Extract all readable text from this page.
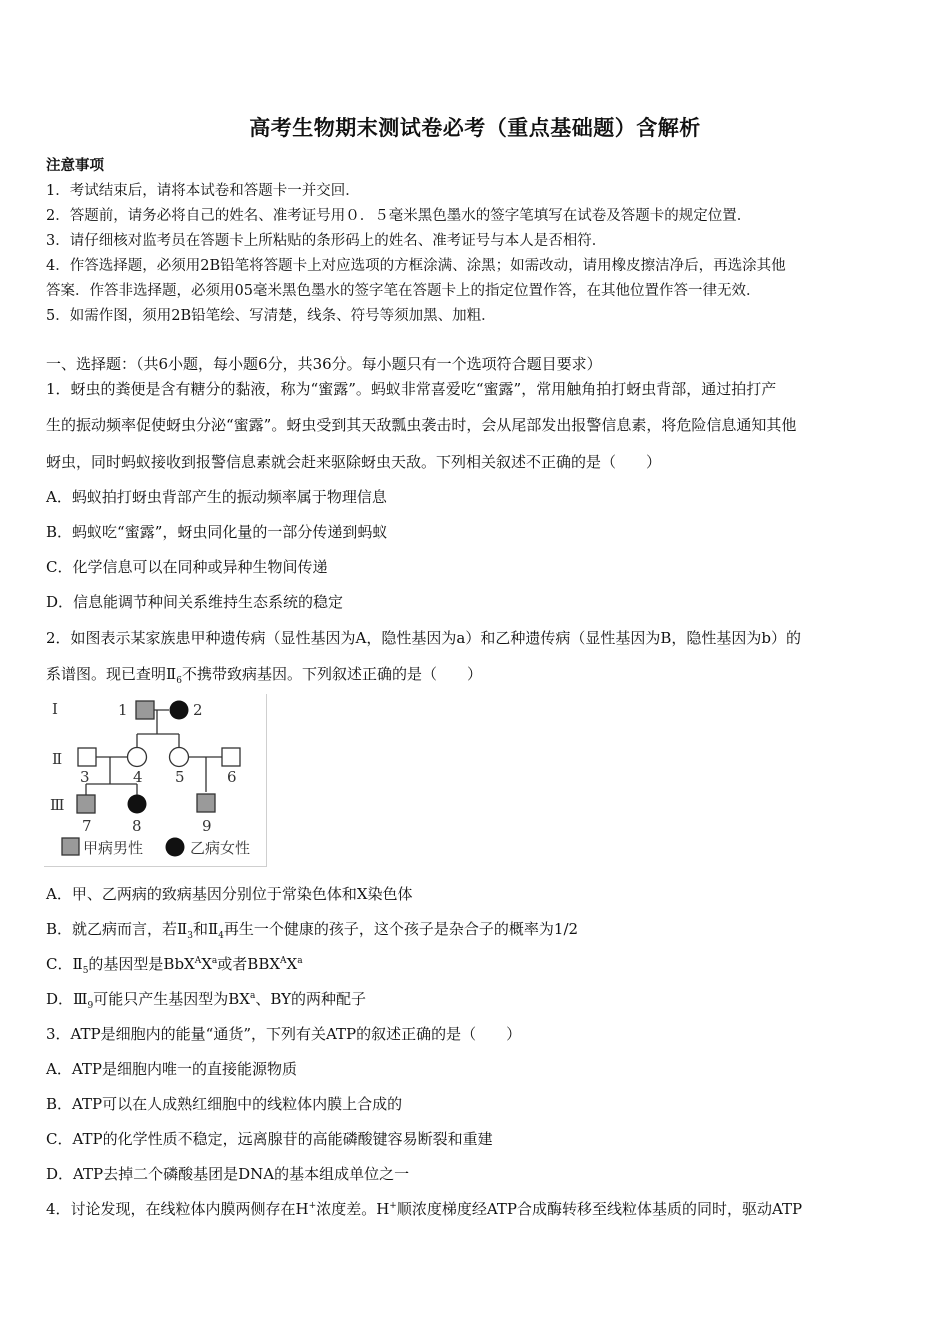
高考生物期末测试卷必考（重点基础题）含解析
注意事项
1．考试结束后，请将本试卷和答题卡一并交回．
2．答题前，请务必将自己的姓名、准考证号用０．５毫米黑色墨水的签字笔填写在试卷及答题卡的规定位置．
3．请仔细核对监考员在答题卡上所粘贴的条形码上的姓名、准考证号与本人是否相符．
4．作答选择题，必须用2B铅笔将答题卡上对应选项的方框涂满、涂黑；如需改动，请用橡皮擦洁净后，再选涂其他
答案．作答非选择题，必须用05毫米黑色墨水的签字笔在答题卡上的指定位置作答，在其他位置作答一律无效．
5．如需作图，须用2B铅笔绘、写清楚，线条、符号等须加黑、加粗．
一、选择题：（共6小题，每小题6分，共36分。每小题只有一个选项符合题目要求）
1．蚜虫的粪便是含有糖分的黏液，称为“蜜露”。蚂蚁非常喜爱吃“蜜露”，常用触角拍打蚜虫背部，通过拍打产
生的振动频率促使蚜虫分泌“蜜露”。蚜虫受到其天敌瓢虫袭击时，会从尾部发出报警信息素，将危险信息通知其他
蚜虫，同时蚂蚁接收到报警信息素就会赶来驱除蚜虫天敌。下列相关叙述不正确的是（　　）
A．蚂蚁拍打蚜虫背部产生的振动频率属于物理信息
B．蚂蚁吃“蜜露”，蚜虫同化量的一部分传递到蚂蚁
C．化学信息可以在同种或异种生物间传递
D．信息能调节种间关系维持生态系统的稳定
2．如图表示某家族患甲种遗传病（显性基因为A，隐性基因为a）和乙种遗传病（显性基因为B，隐性基因为b）的
系谱图。现已查明$Ⅱ_6$不携带致病基因。下列叙述正确的是（　　）
Ⅰ
Ⅱ
Ⅲ
1	2
3	4 5	6
7	8	9
甲病男性	乙病女性
A．甲、乙两病的致病基因分别位于常染色体和X染色体
B．就乙病而言，若$Ⅱ_3$和$Ⅱ_4$再生一个健康的孩子，这个孩子是杂合子的概率为1/2
C．$Ⅱ_5$的基因型是$BbX^AX^a$或者$BBX^AX^a$
D．$Ⅲ_9$可能只产生基因型为$BX^a$、BY的两种配子
3．ATP是细胞内的能量“通货”，下列有关ATP的叙述正确的是（　　）
A．ATP是细胞内唯一的直接能源物质
B．ATP可以在人成熟红细胞中的线粒体内膜上合成的
C．ATP的化学性质不稳定，远离腺苷的高能磷酸键容易断裂和重建
D．ATP去掉二个磷酸基团是DNA的基本组成单位之一
4．讨论发现，在线粒体内膜两侧存在H+浓度差。H+顺浓度梯度经ATP合成酶转移至线粒体基质的同时，驱动ATP
